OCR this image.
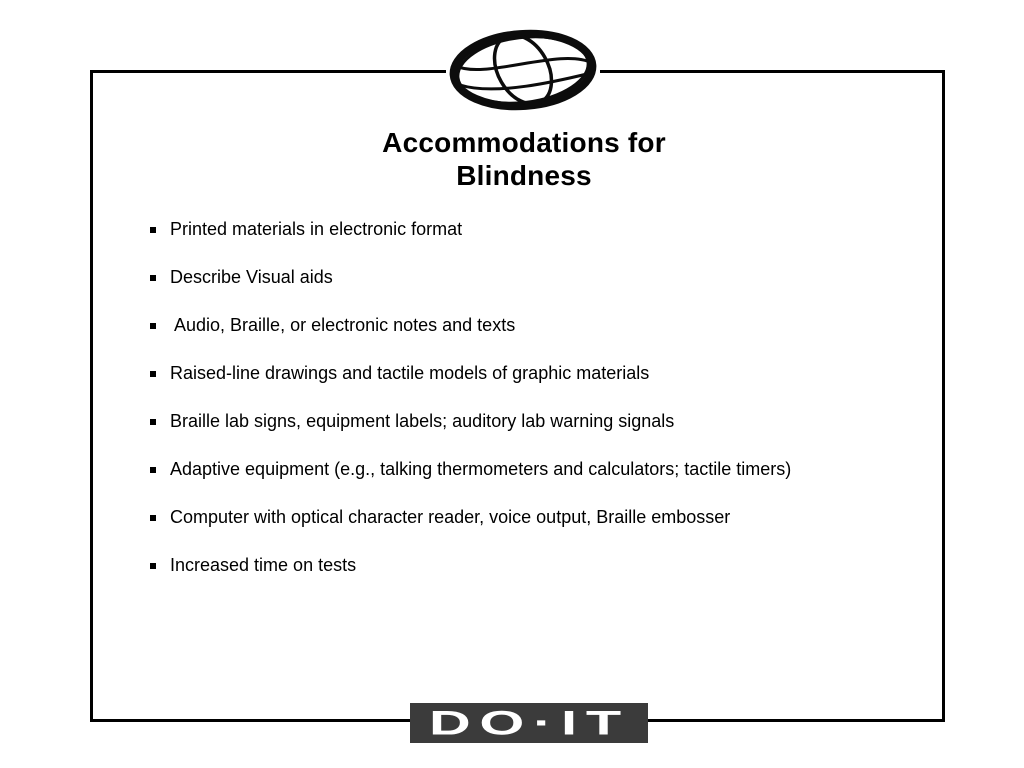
Accommodations for
Blindness
Printed materials in electronic format
Describe Visual aids
Audio, Braille, or electronic notes and texts
Raised-line drawings and tactile models of graphic materials
Braille lab signs, equipment labels; auditory lab warning signals
Adaptive equipment (e.g., talking thermometers and calculators; tactile timers)
Computer with optical character reader, voice output, Braille embosser
Increased time on tests
DO·IT
